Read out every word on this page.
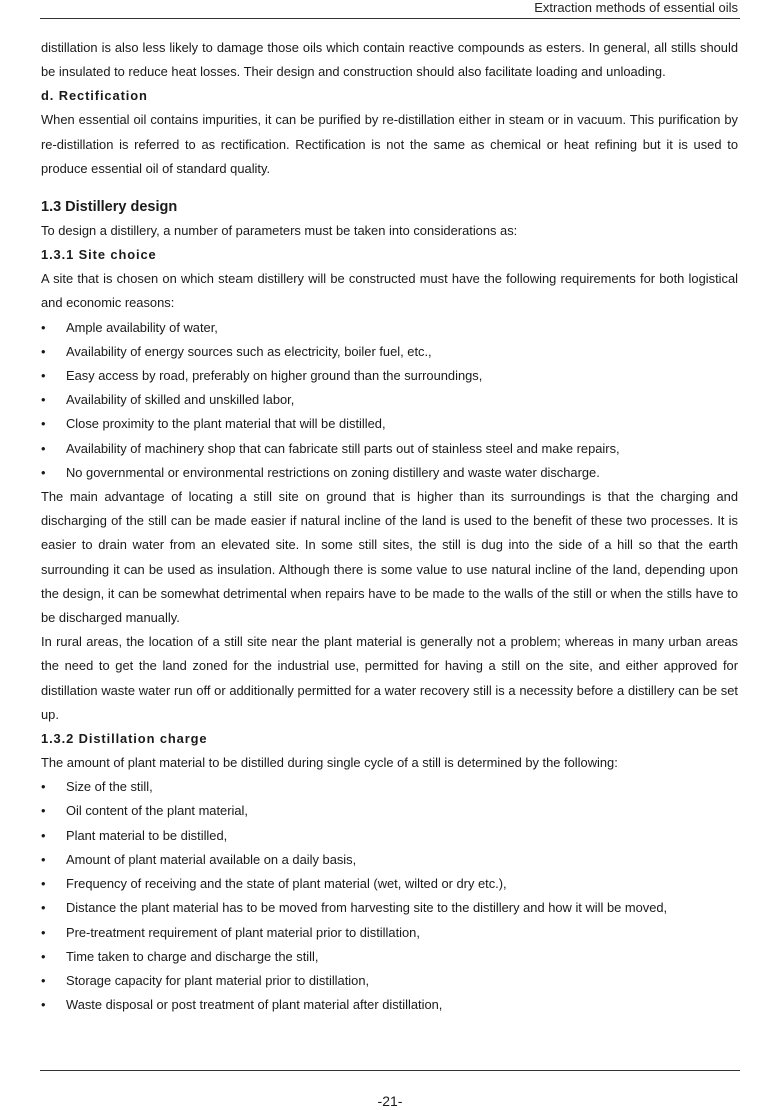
Extraction methods of essential oils

distillation is also less likely to damage those oils which contain reactive compounds as esters. In general, all stills should be insulated to reduce heat losses. Their design and construction should also facilitate loading and unloading.

d. Rectification

When essential oil contains impurities, it can be purified by re-distillation either in steam or in vacuum. This purification by re-distillation is referred to as rectification. Rectification is not the same as chemical or heat refining but it is used to produce essential oil of standard quality.

1.3 Distillery design

To design a distillery, a number of parameters must be taken into considerations as:

1.3.1 Site choice

A site that is chosen on which steam distillery will be constructed must have the following requirements for both logistical and economic reasons:

• Ample availability of water,
• Availability of energy sources such as electricity, boiler fuel, etc.,
• Easy access by road, preferably on higher ground than the surroundings,
• Availability of skilled and unskilled labor,
• Close proximity to the plant material that will be distilled,
• Availability of machinery shop that can fabricate still parts out of stainless steel and make repairs,
• No governmental or environmental restrictions on zoning distillery and waste water discharge.

The main advantage of locating a still site on ground that is higher than its surroundings is that the charging and discharging of the still can be made easier if natural incline of the land is used to the benefit of these two processes. It is easier to drain water from an elevated site. In some still sites, the still is dug into the side of a hill so that the earth surrounding it can be used as insulation. Although there is some value to use natural incline of the land, depending upon the design, it can be somewhat detrimental when repairs have to be made to the walls of the still or when the stills have to be discharged manually.

In rural areas, the location of a still site near the plant material is generally not a problem; whereas in many urban areas the need to get the land zoned for the industrial use, permitted for having a still on the site, and either approved for distillation waste water run off or additionally permitted for a water recovery still is a necessity before a distillery can be set up.

1.3.2 Distillation charge

The amount of plant material to be distilled during single cycle of a still is determined by the following:

• Size of the still,
• Oil content of the plant material,
• Plant material to be distilled,
• Amount of plant material available on a daily basis,
• Frequency of receiving and the state of plant material (wet, wilted or dry etc.),
• Distance the plant material has to be moved from harvesting site to the distillery and how it will be moved,
• Pre-treatment requirement of plant material prior to distillation,
• Time taken to charge and discharge the still,
• Storage capacity for plant material prior to distillation,
• Waste disposal or post treatment of plant material after distillation,
-21-
